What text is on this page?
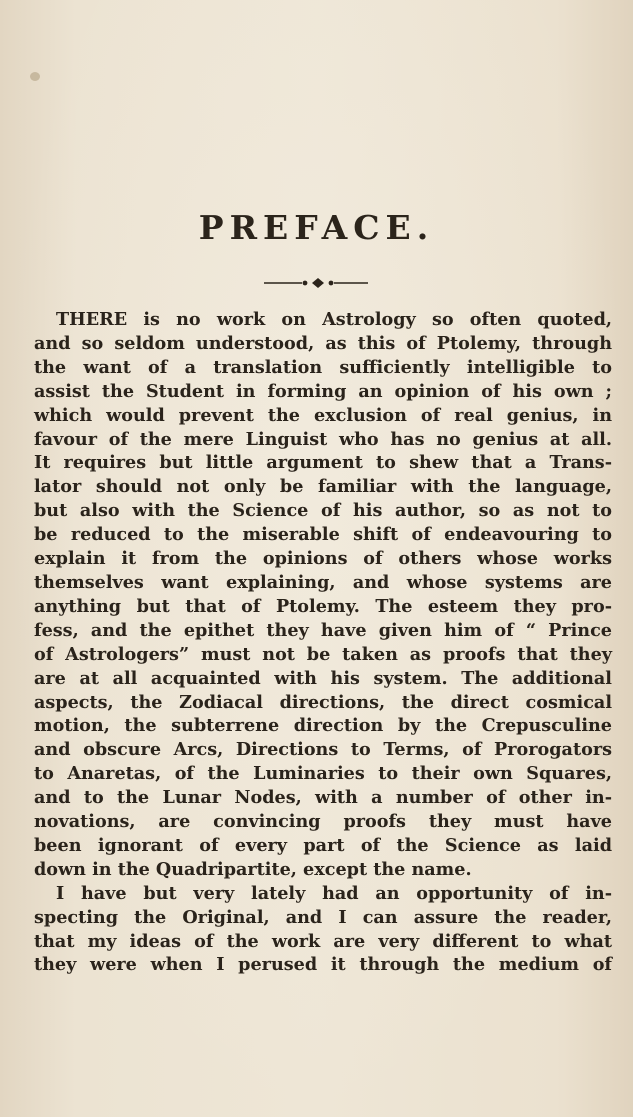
PREFACE.
THERE is no work on Astrology so often quoted,
and so seldom understood, as this of Ptolemy, through
the want of a translation sufficiently intelligible to
assist the Student in forming an opinion of his own ;
which would prevent the exclusion of real genius, in
favour of the mere Linguist who has no genius at all.
It requires but little argument to shew that a Trans-
lator should not only be familiar with the language,
but also with the Science of his author, so as not to
be reduced to the miserable shift of endeavouring to
explain it from the opinions of others whose works
themselves want explaining, and whose systems are
anything but that of Ptolemy. The esteem they pro-
fess, and the epithet they have given him of “ Prince
of Astrologers” must not be taken as proofs that they
are at all acquainted with his system. The additional
aspects, the Zodiacal directions, the direct cosmical
motion, the subterrene direction by the Crepusculine
and obscure Arcs, Directions to Terms, of Prorogators
to Anaretas, of the Luminaries to their own Squares,
and to the Lunar Nodes, with a number of other in-
novations, are convincing proofs they must have
been ignorant of every part of the Science as laid
down in the Quadripartite, except the name.
I have but very lately had an opportunity of in-
specting the Original, and I can assure the reader,
that my ideas of the work are very different to what
they were when I perused it through the medium of
